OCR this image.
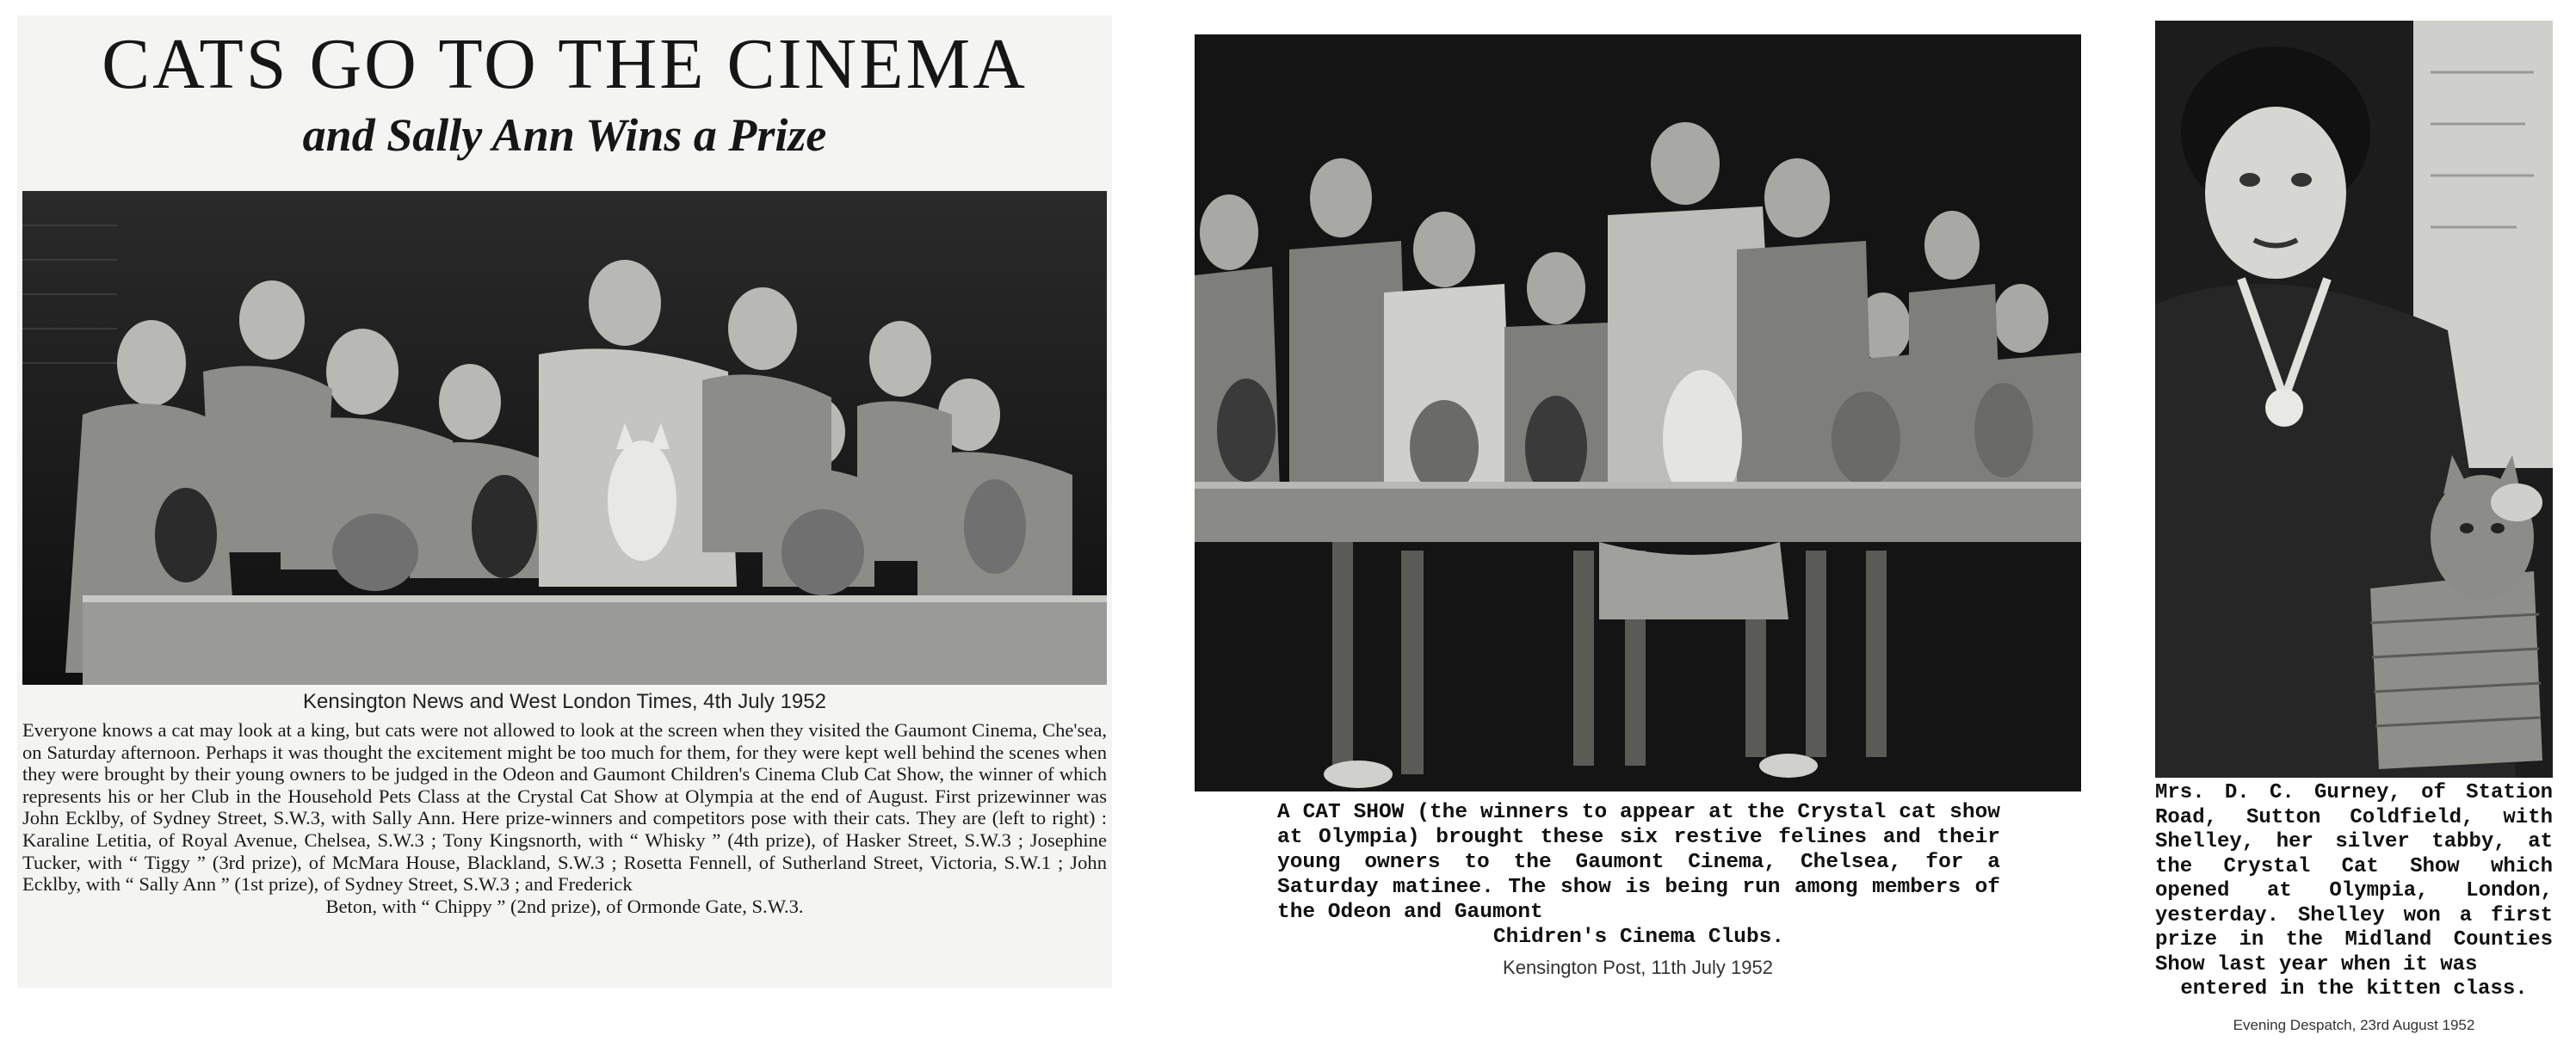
CATS GO TO THE CINEMA
and Sally Ann Wins a Prize
Kensington News and West London Times, 4th July 1952
Everyone knows a cat may look at a king, but cats were not allowed to look at the screen when they visited the Gaumont Cinema, Che'sea, on Saturday afternoon. Perhaps it was thought the excitement might be too much for them, for they were kept well behind the scenes when they were brought by their young owners to be judged in the Odeon and Gaumont Children's Cinema Club Cat Show, the winner of which represents his or her Club in the Household Pets Class at the Crystal Cat Show at Olympia at the end of August. First prizewinner was John Ecklby, of Sydney Street, S.W.3, with Sally Ann. Here prize-winners and competitors pose with their cats. They are (left to right) : Karaline Letitia, of Royal Avenue, Chelsea, S.W.3 ; Tony Kingsnorth, with “ Whisky ” (4th prize), of Hasker Street, S.W.3 ; Josephine Tucker, with “ Tiggy ” (3rd prize), of McMara House, Blackland, S.W.3 ; Rosetta Fennell, of Sutherland Street, Victoria, S.W.1 ; John Ecklby, with “ Sally Ann ” (1st prize), of Sydney Street, S.W.3 ; and Frederick
Beton, with “ Chippy ” (2nd prize), of Ormonde Gate, S.W.3.
A CAT SHOW (the winners to appear at the Crystal cat show at Olympia) brought these six restive felines and their young owners to the Gaumont Cinema, Chelsea, for a Saturday matinee. The show is being run among members of the Odeon and Gaumont
Chidren's Cinema Clubs.
Kensington Post, 11th July 1952
Mrs. D. C. Gurney, of Station Road, Sutton Coldfield, with Shelley, her silver tabby, at the Crystal Cat Show which opened at Olympia, London, yesterday. Shelley won a first prize in the Midland Counties Show last year when it was
entered in the kitten class.
Evening Despatch, 23rd August 1952
